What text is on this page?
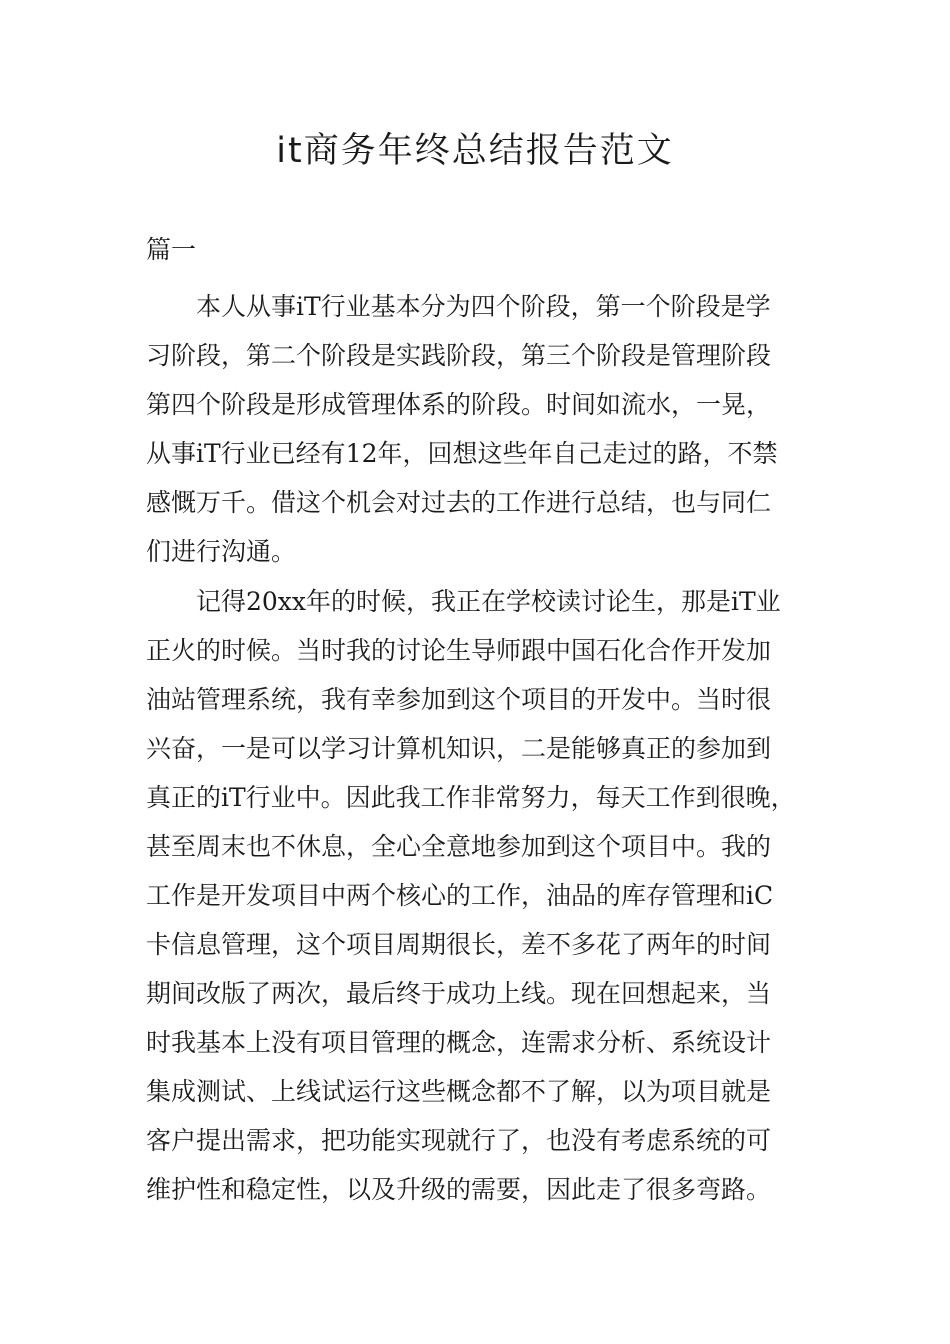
it商务年终总结报告范文

篇一

本人从事iT行业基本分为四个阶段，第一个阶段是学
习阶段，第二个阶段是实践阶段，第三个阶段是管理阶段
第四个阶段是形成管理体系的阶段。时间如流水，一晃，
从事iT行业已经有12年，回想这些年自己走过的路，不禁
感慨万千。借这个机会对过去的工作进行总结，也与同仁
们进行沟通。
记得20xx年的时候，我正在学校读讨论生，那是iT业
正火的时候。当时我的讨论生导师跟中国石化合作开发加
油站管理系统，我有幸参加到这个项目的开发中。当时很
兴奋，一是可以学习计算机知识，二是能够真正的参加到
真正的iT行业中。因此我工作非常努力，每天工作到很晚，
甚至周末也不休息，全心全意地参加到这个项目中。我的
工作是开发项目中两个核心的工作，油品的库存管理和iC
卡信息管理，这个项目周期很长，差不多花了两年的时间
期间改版了两次，最后终于成功上线。现在回想起来，当
时我基本上没有项目管理的概念，连需求分析、系统设计
集成测试、上线试运行这些概念都不了解，以为项目就是
客户提出需求，把功能实现就行了，也没有考虑系统的可
维护性和稳定性，以及升级的需要，因此走了很多弯路。
